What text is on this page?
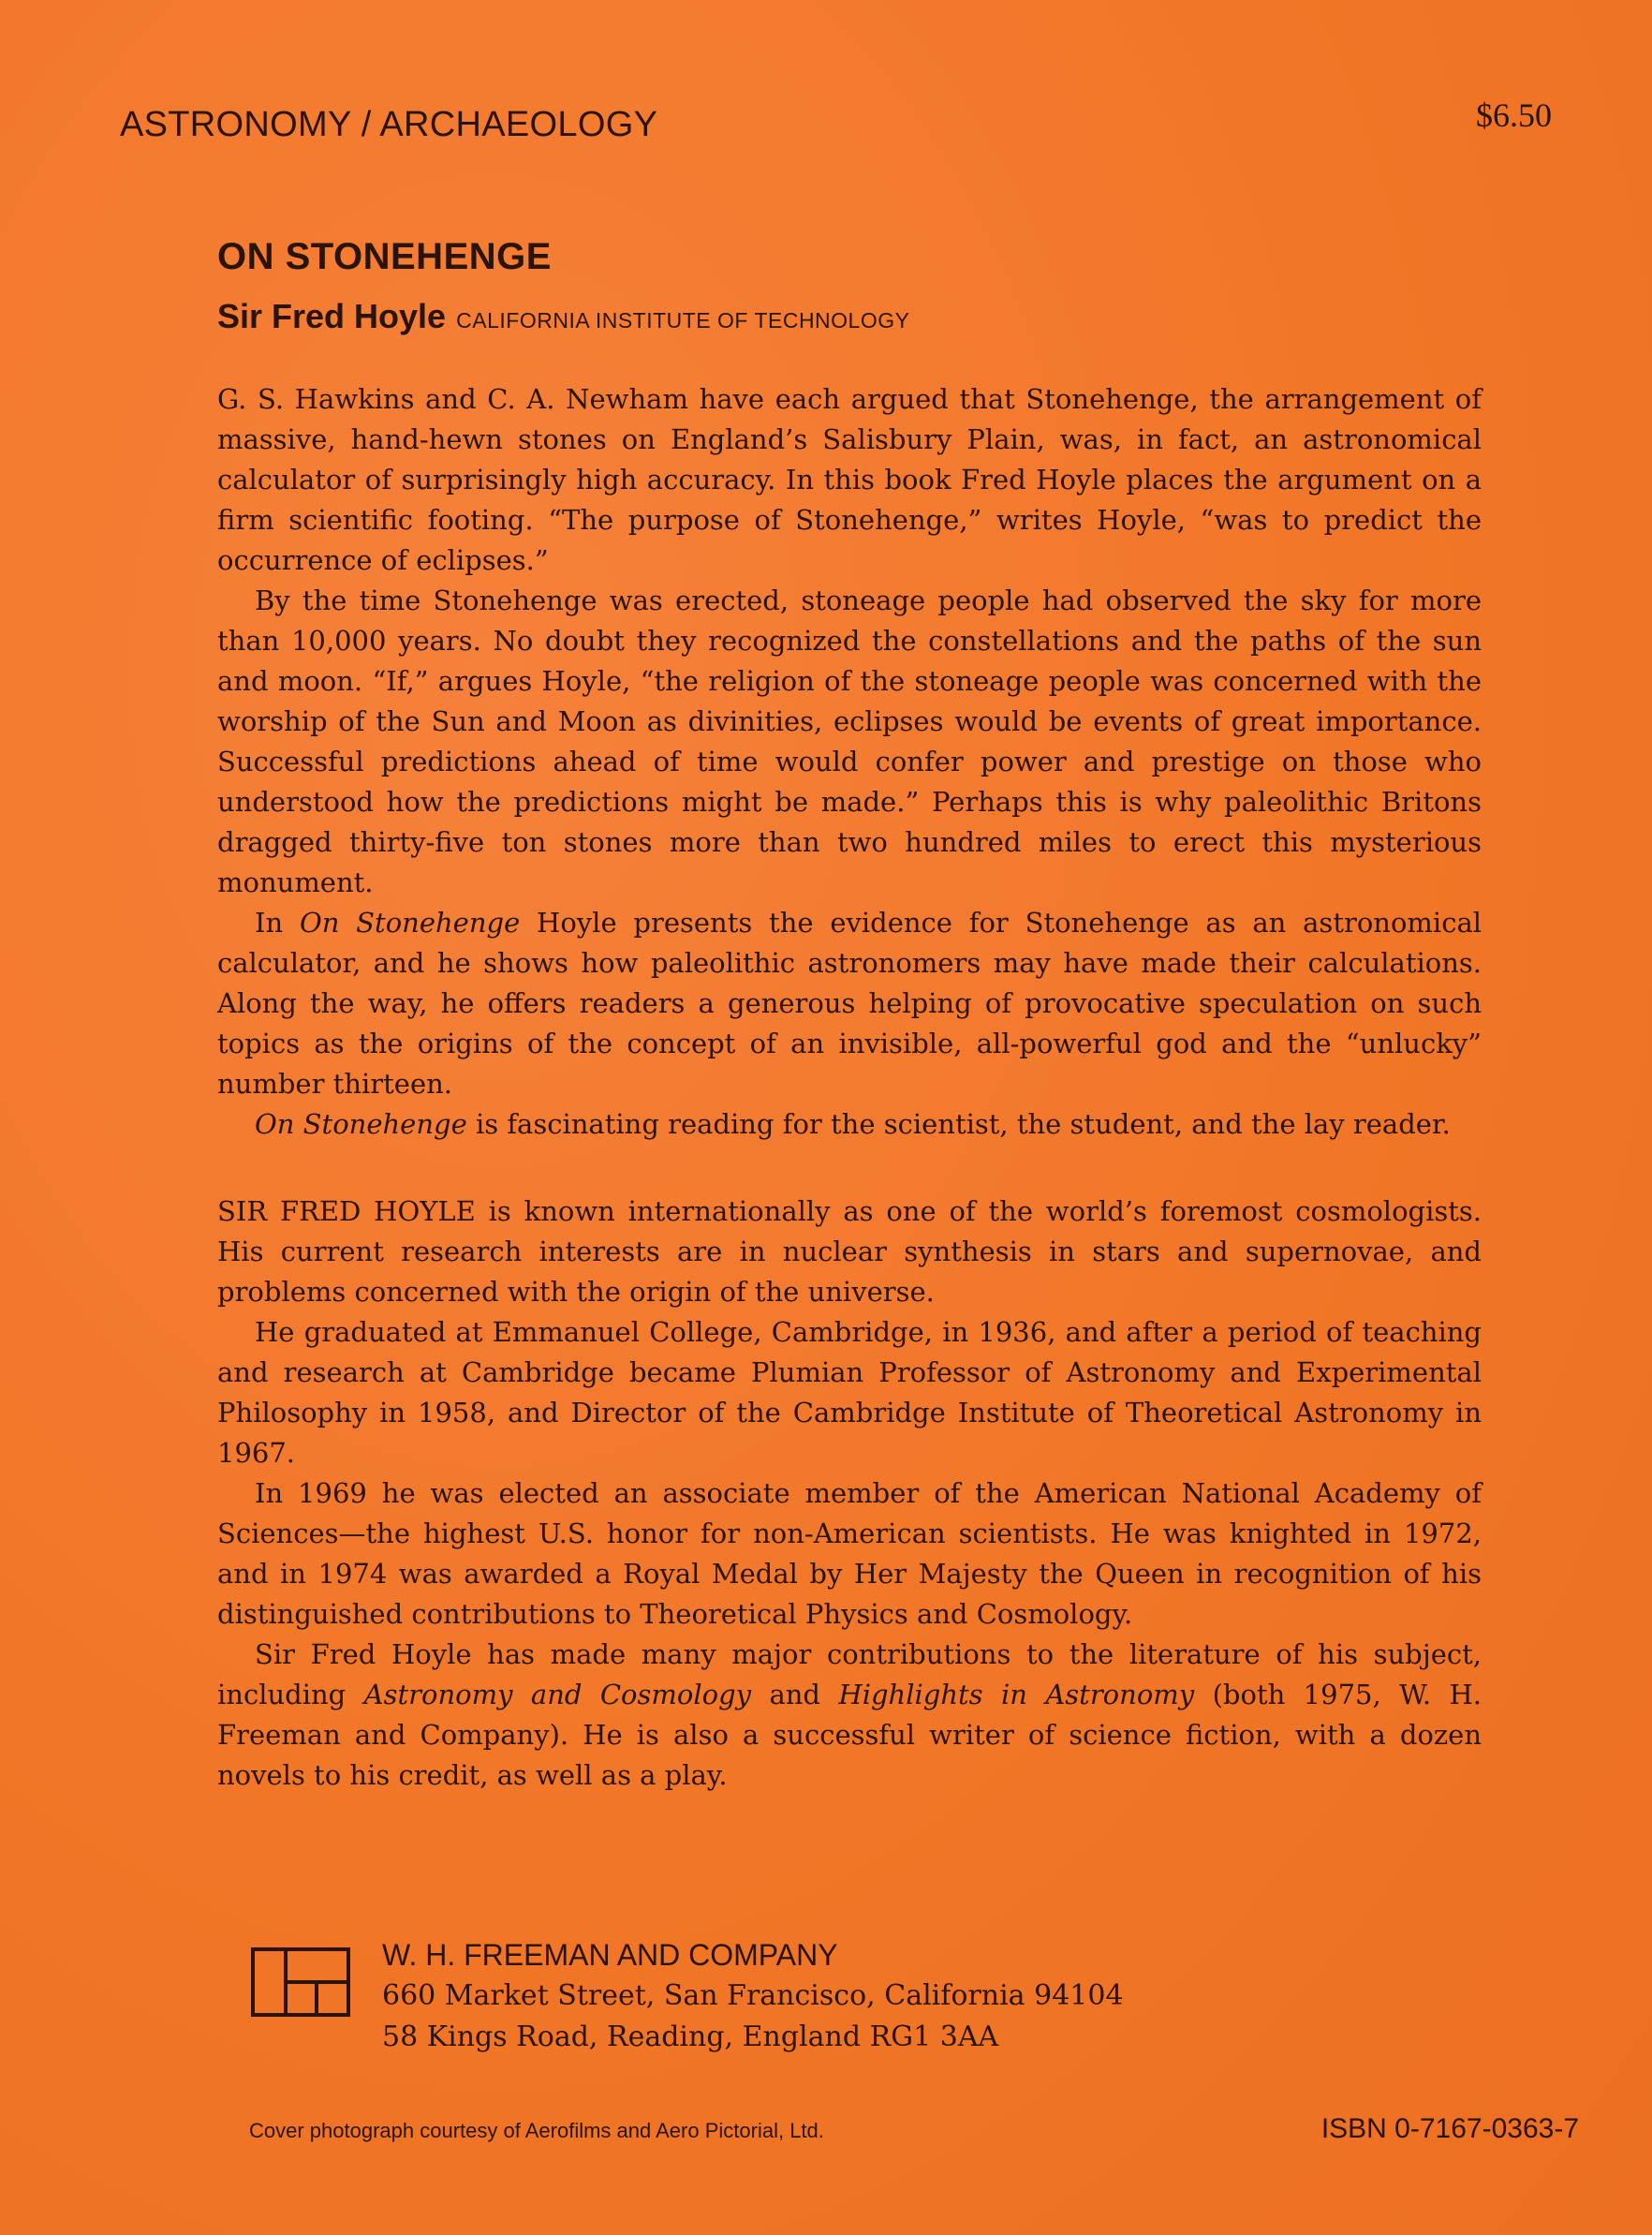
ASTRONOMY / ARCHAEOLOGY	$6.50
ON STONEHENGE
Sir Fred Hoyle CALIFORNIA INSTITUTE OF TECHNOLOGY

G. S. Hawkins and C. A. Newham have each argued that Stonehenge, the arrangement of massive, hand-hewn stones on England’s Salisbury Plain, was, in fact, an astronomical calculator of surprisingly high accuracy. In this book Fred Hoyle places the argument on a firm scientific footing. “The purpose of Stonehenge,” writes Hoyle, “was to predict the occurrence of eclipses.”

By the time Stonehenge was erected, stoneage people had observed the sky for more than 10,000 years. No doubt they recognized the constellations and the paths of the sun and moon. “If,” argues Hoyle, “the religion of the stoneage people was concerned with the worship of the Sun and Moon as divinities, eclipses would be events of great importance. Successful predictions ahead of time would confer power and prestige on those who understood how the predictions might be made.” Perhaps this is why paleolithic Britons dragged thirty-five ton stones more than two hundred miles to erect this mysterious monument.

In On Stonehenge Hoyle presents the evidence for Stonehenge as an astronomical calculator, and he shows how paleolithic astronomers may have made their calculations. Along the way, he offers readers a generous helping of provocative speculation on such topics as the origins of the concept of an invisible, all-powerful god and the “unlucky” number thirteen.

On Stonehenge is fascinating reading for the scientist, the student, and the lay reader.

SIR FRED HOYLE is known internationally as one of the world’s foremost cosmologists. His current research interests are in nuclear synthesis in stars and supernovae, and problems concerned with the origin of the universe.

He graduated at Emmanuel College, Cambridge, in 1936, and after a period of teaching and research at Cambridge became Plumian Professor of Astronomy and Experimental Philosophy in 1958, and Director of the Cambridge Institute of Theoretical Astronomy in 1967.

In 1969 he was elected an associate member of the American National Academy of Sciences—the highest U.S. honor for non-American scientists. He was knighted in 1972, and in 1974 was awarded a Royal Medal by Her Majesty the Queen in recognition of his distinguished contributions to Theoretical Physics and Cosmology.

Sir Fred Hoyle has made many major contributions to the literature of his subject, including Astronomy and Cosmology and Highlights in Astronomy (both 1975, W. H. Freeman and Company). He is also a successful writer of science fiction, with a dozen novels to his credit, as well as a play.

W. H. FREEMAN AND COMPANY
660 Market Street, San Francisco, California 94104
58 Kings Road, Reading, England RG1 3AA
Cover photograph courtesy of Aerofilms and Aero Pictorial, Ltd.	ISBN 0-7167-0363-7
